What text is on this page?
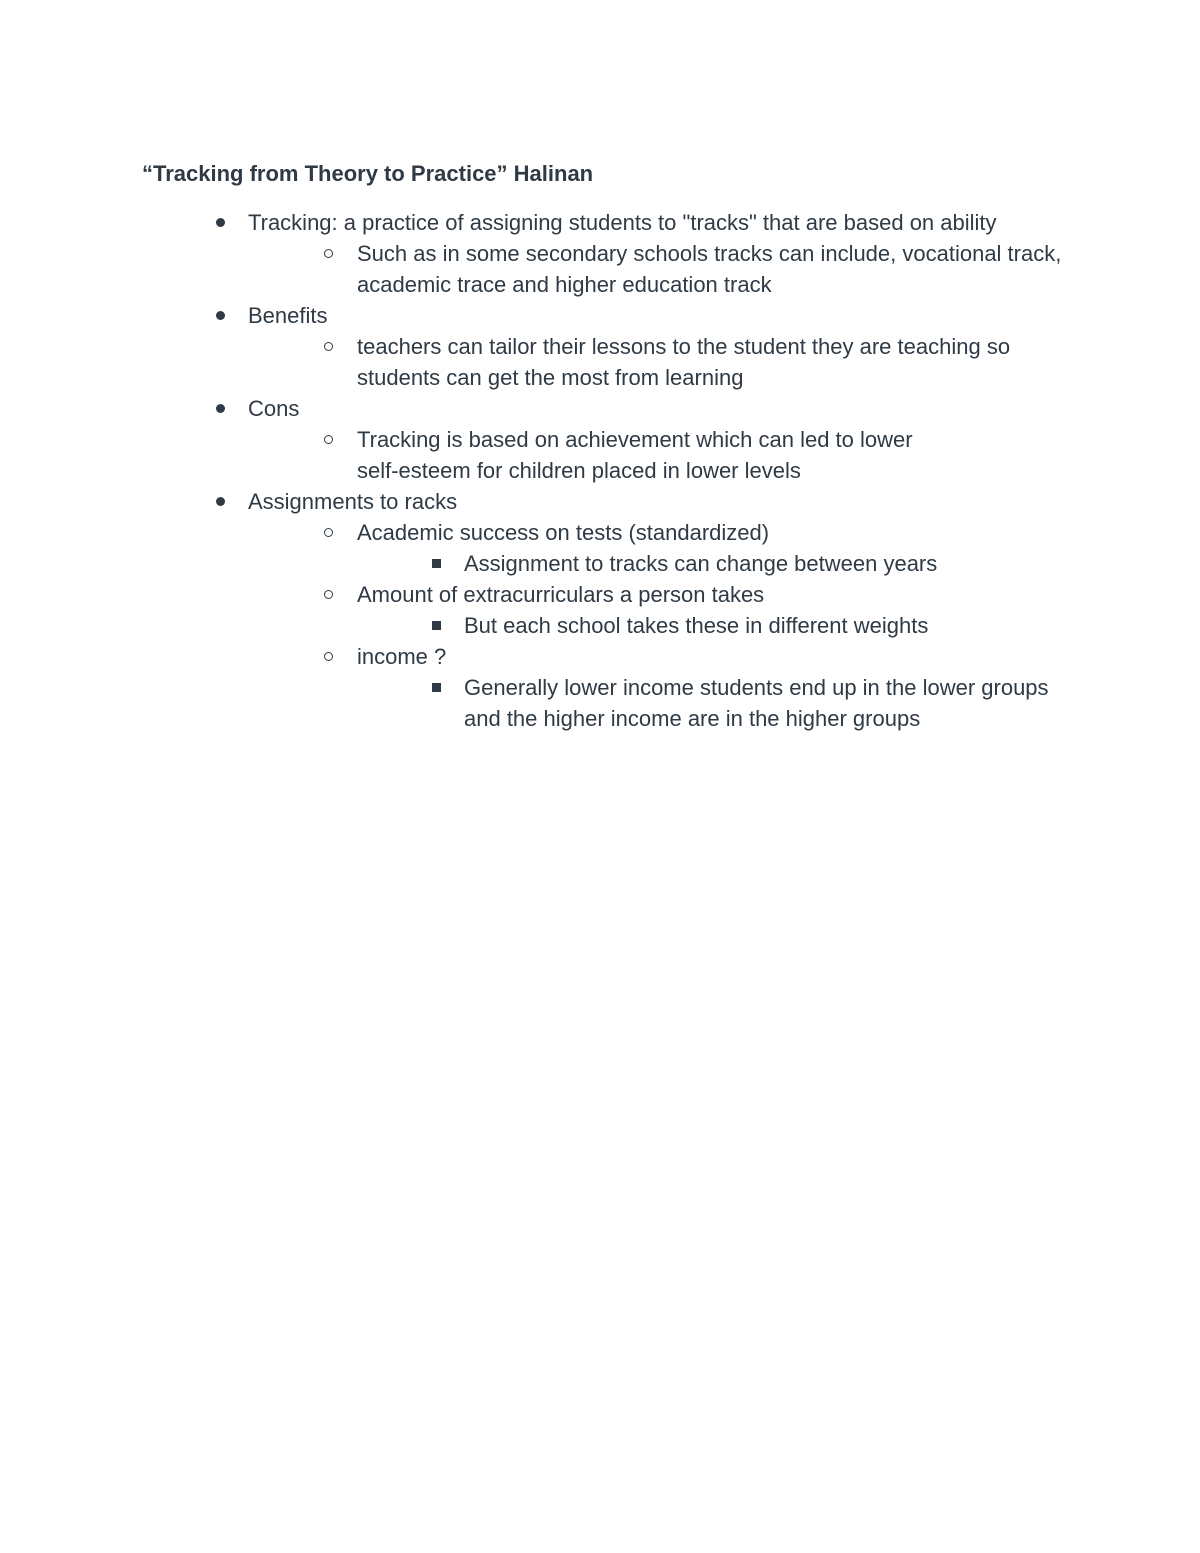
“Tracking from Theory to Practice” Halinan
Tracking: a practice of assigning students to "tracks" that are based on ability
Such as in some secondary schools tracks can include, vocational track, academic trace and higher education track
Benefits
teachers can tailor their lessons to the student they are teaching so students can get the most from learning
Cons
Tracking is based on achievement which can led to lower self-esteem for children placed in lower levels
Assignments to racks
Academic success on tests (standardized)
Assignment to tracks can change between years
Amount of extracurriculars a person takes
But each school takes these in different weights
income ?
Generally lower income students end up in the lower groups and the higher income are in the higher groups
